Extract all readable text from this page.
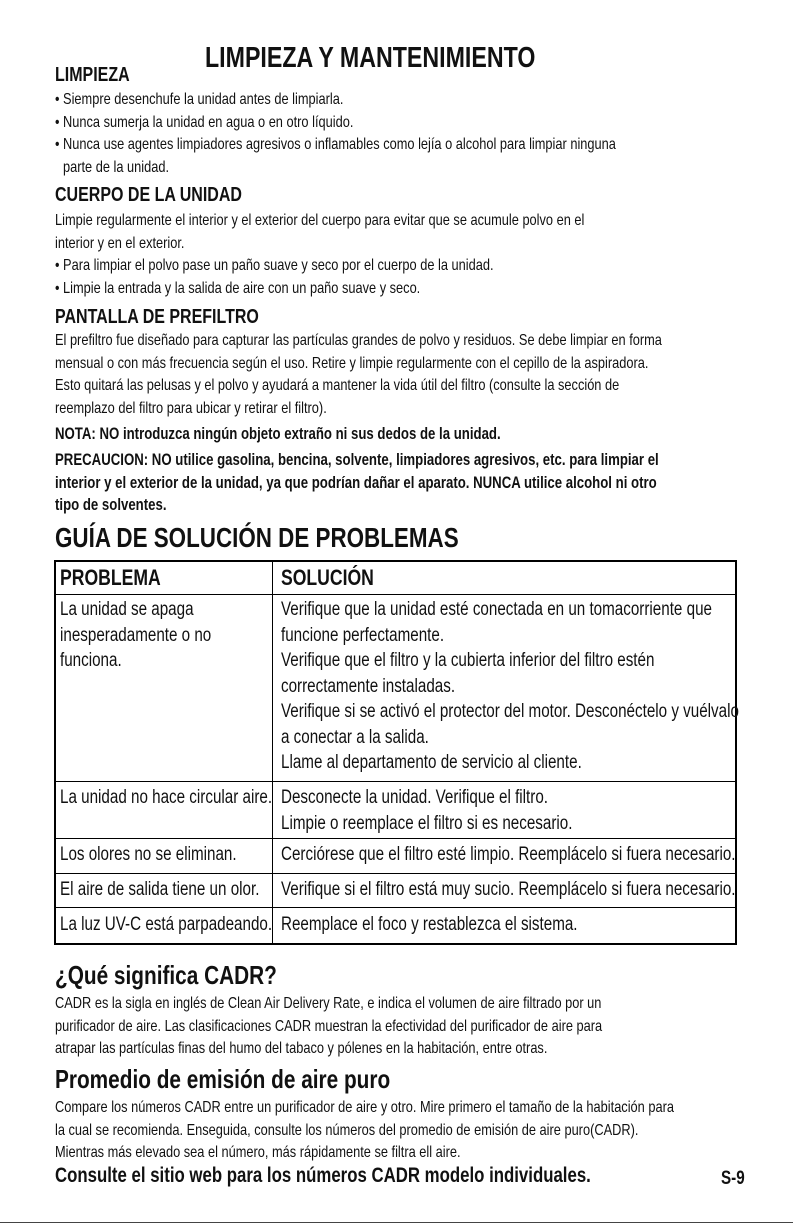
LIMPIEZA Y MANTENIMIENTO
LIMPIEZA
• Siempre desenchufe la unidad antes de limpiarla.
• Nunca sumerja la unidad en agua o en otro líquido.
• Nunca use agentes limpiadores agresivos o inflamables como lejía o alcohol para limpiar ninguna
parte de la unidad.
CUERPO DE LA UNIDAD
Limpie regularmente el interior y el exterior del cuerpo para evitar que se acumule polvo en el
interior y en el exterior.
• Para limpiar el polvo pase un paño suave y seco por el cuerpo de la unidad.
• Limpie la entrada y la salida de aire con un paño suave y seco.
PANTALLA DE PREFILTRO
El prefiltro fue diseñado para capturar las partículas grandes de polvo y residuos. Se debe limpiar en forma
mensual o con más frecuencia según el uso. Retire y limpie regularmente con el cepillo de la aspiradora.
Esto quitará las pelusas y el polvo y ayudará a mantener la vida útil del filtro (consulte la sección de
reemplazo del filtro para ubicar y retirar el filtro).
NOTA: NO introduzca ningún objeto extraño ni sus dedos de la unidad.
PRECAUCION: NO utilice gasolina, bencina, solvente, limpiadores agresivos, etc. para limpiar el
interior y el exterior de la unidad, ya que podrían dañar el aparato. NUNCA utilice alcohol ni otro
tipo de solventes.
GUÍA DE SOLUCIÓN DE PROBLEMAS
PROBLEMA	SOLUCIÓN
La unidad se apaga
inesperadamente o no
funciona.
Verifique que la unidad esté conectada en un tomacorriente que
funcione perfectamente.
Verifique que el filtro y la cubierta inferior del filtro estén
correctamente instaladas.
Verifique si se activó el protector del motor. Desconéctelo y vuélvalo
a conectar a la salida.
Llame al departamento de servicio al cliente.
La unidad no hace circular aire. Desconecte la unidad. Verifique el filtro.
Limpie o reemplace el filtro si es necesario.
Los olores no se eliminan. Cerciórese que el filtro esté limpio. Reemplácelo si fuera necesario.
El aire de salida tiene un olor. Verifique si el filtro está muy sucio. Reemplácelo si fuera necesario.
La luz UV-C está parpadeando. Reemplace el foco y restablezca el sistema.
¿Qué significa CADR?
CADR es la sigla en inglés de Clean Air Delivery Rate, e indica el volumen de aire filtrado por un
purificador de aire. Las clasificaciones CADR muestran la efectividad del purificador de aire para
atrapar las partículas finas del humo del tabaco y pólenes en la habitación, entre otras.
Promedio de emisión de aire puro
Compare los números CADR entre un purificador de aire y otro. Mire primero el tamaño de la habitación para
la cual se recomienda. Enseguida, consulte los números del promedio de emisión de aire puro(CADR).
Mientras más elevado sea el número, más rápidamente se filtra ell aire.
Consulte el sitio web para los números CADR modelo individuales.	S-9
